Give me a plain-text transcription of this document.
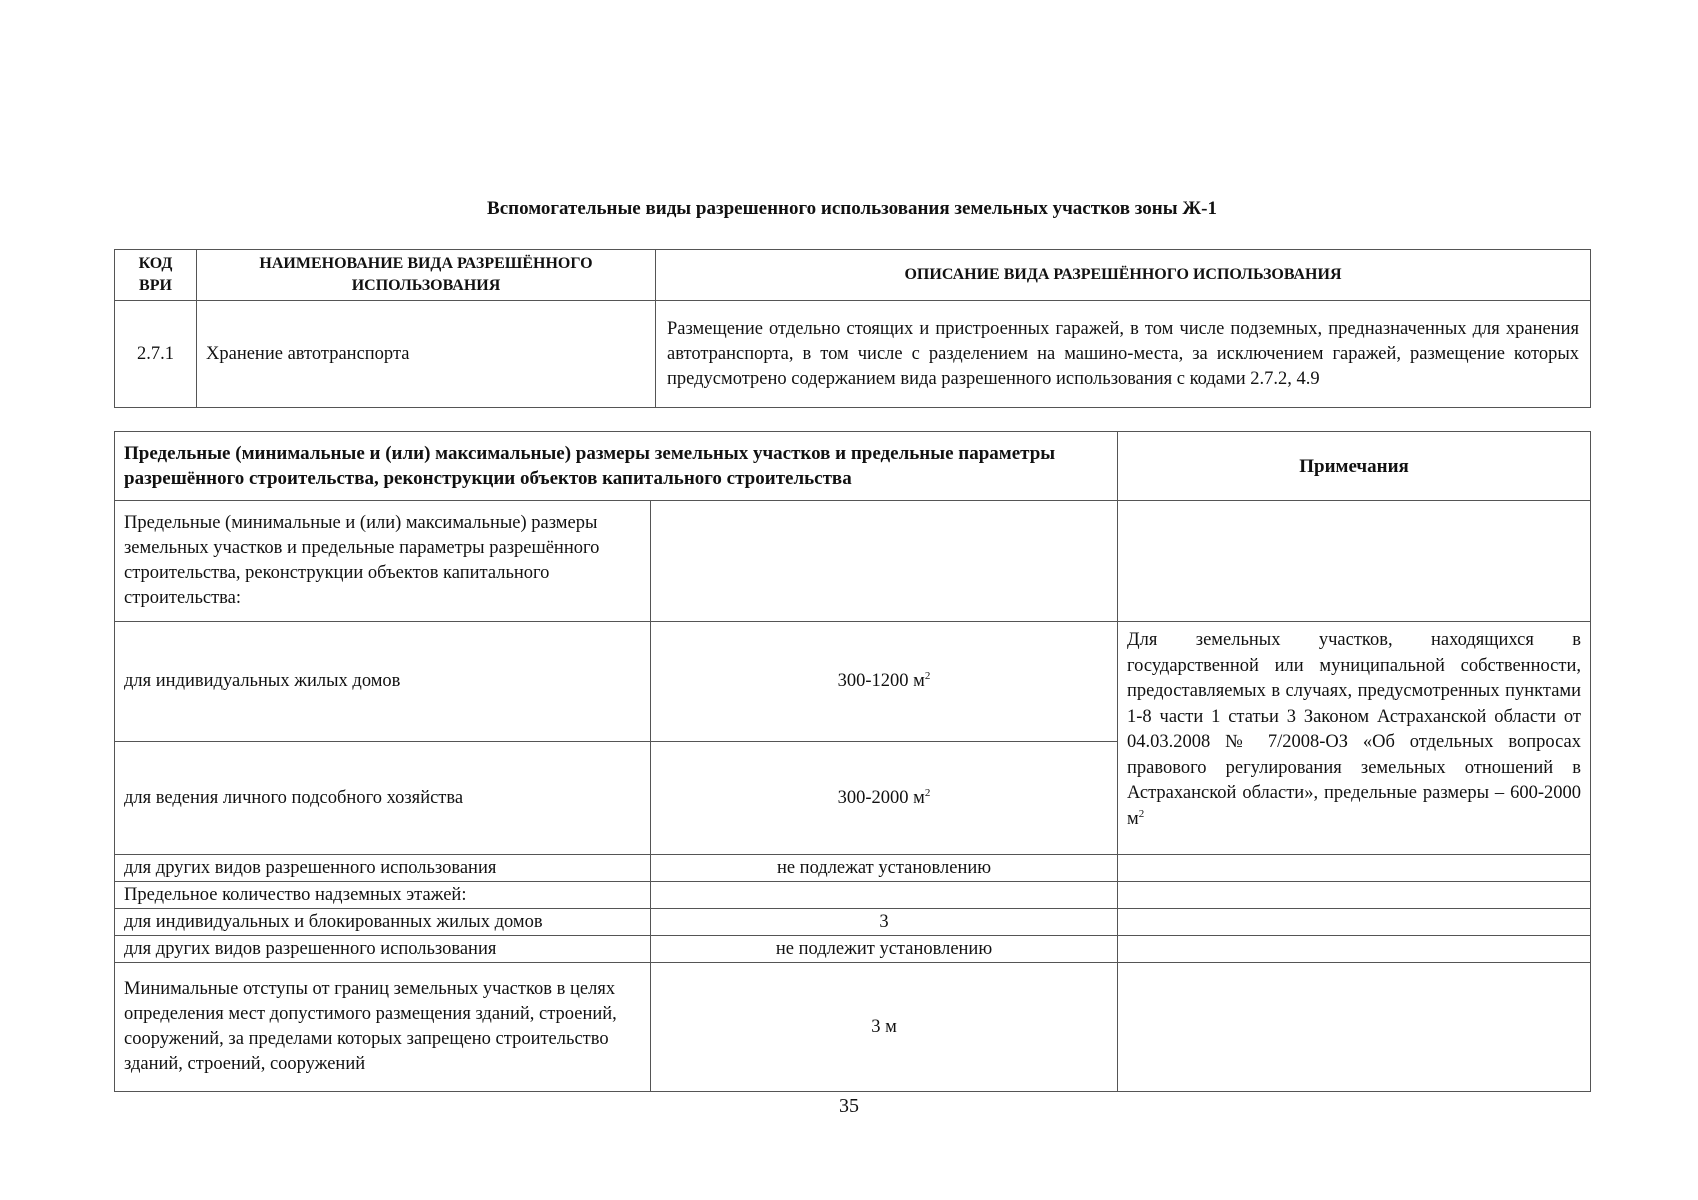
Вспомогательные виды разрешенного использования земельных участков зоны Ж-1
КОД ВРИ	НАИМЕНОВАНИЕ ВИДА РАЗРЕШЁННОГО ИСПОЛЬЗОВАНИЯ	ОПИСАНИЕ ВИДА РАЗРЕШЁННОГО ИСПОЛЬЗОВАНИЯ
2.7.1	Хранение автотранспорта	Размещение отдельно стоящих и пристроенных гаражей, в том числе подземных, предназначенных для хранения автотранспорта, в том числе с разделением на машино-места, за исключением гаражей, размещение которых предусмотрено содержанием вида разрешенного использования с кодами 2.7.2, 4.9
Предельные (минимальные и (или) максимальные) размеры земельных участков и предельные параметры разрешённого строительства, реконструкции объектов капитального строительства		Примечания
Предельные (минимальные и (или) максимальные) размеры земельных участков и предельные параметры разрешённого строительства, реконструкции объектов капитального строительства:		
для индивидуальных жилых домов	300-1200 $м^2$	Для земельных участков, находящихся в государственной или муниципальной собственности, предоставляемых в случаях, предусмотренных пунктами 1-8 части 1 статьи 3 Законом Астраханской области от 04.03.2008 № 7/2008-ОЗ «Об отдельных вопросах правового регулирования земельных отношений в Астраханской области», предельные размеры – 600-2000 $м^2$
для ведения личного подсобного хозяйства	300-2000 $м^2$
для других видов разрешенного использования	не подлежат установлению	
Предельное количество надземных этажей:		
для индивидуальных и блокированных жилых домов	3	
для других видов разрешенного использования	не подлежит установлению	
Минимальные отступы от границ земельных участков в целях определения мест допустимого размещения зданий, строений, сооружений, за пределами которых запрещено строительство зданий, строений, сооружений	3 м	
35
